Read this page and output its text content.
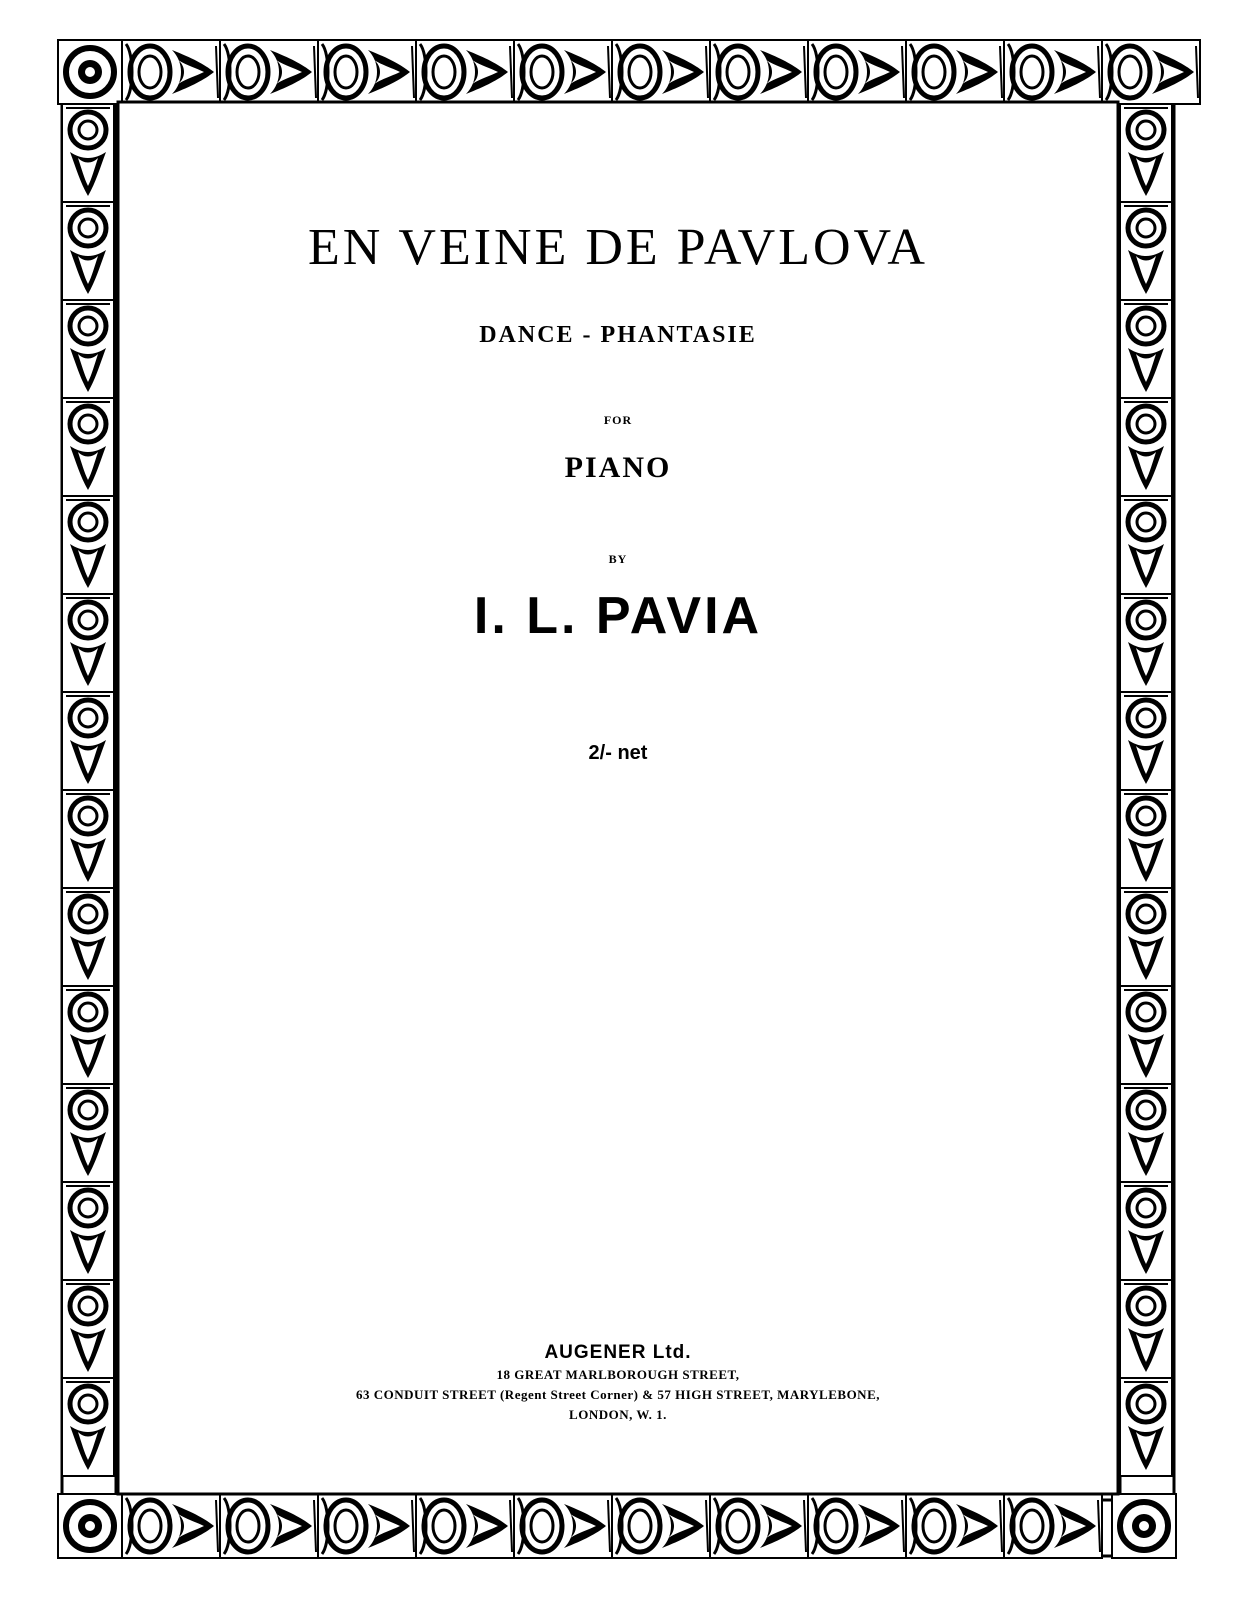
EN VEINE DE PAVLOVA
DANCE - PHANTASIE
FOR
PIANO
BY
I. L. PAVIA
2/- net
AUGENER Ltd.
18 GREAT MARLBOROUGH STREET,
63 CONDUIT STREET (Regent Street Corner) & 57 HIGH STREET, MARYLEBONE,
LONDON, W. 1.
